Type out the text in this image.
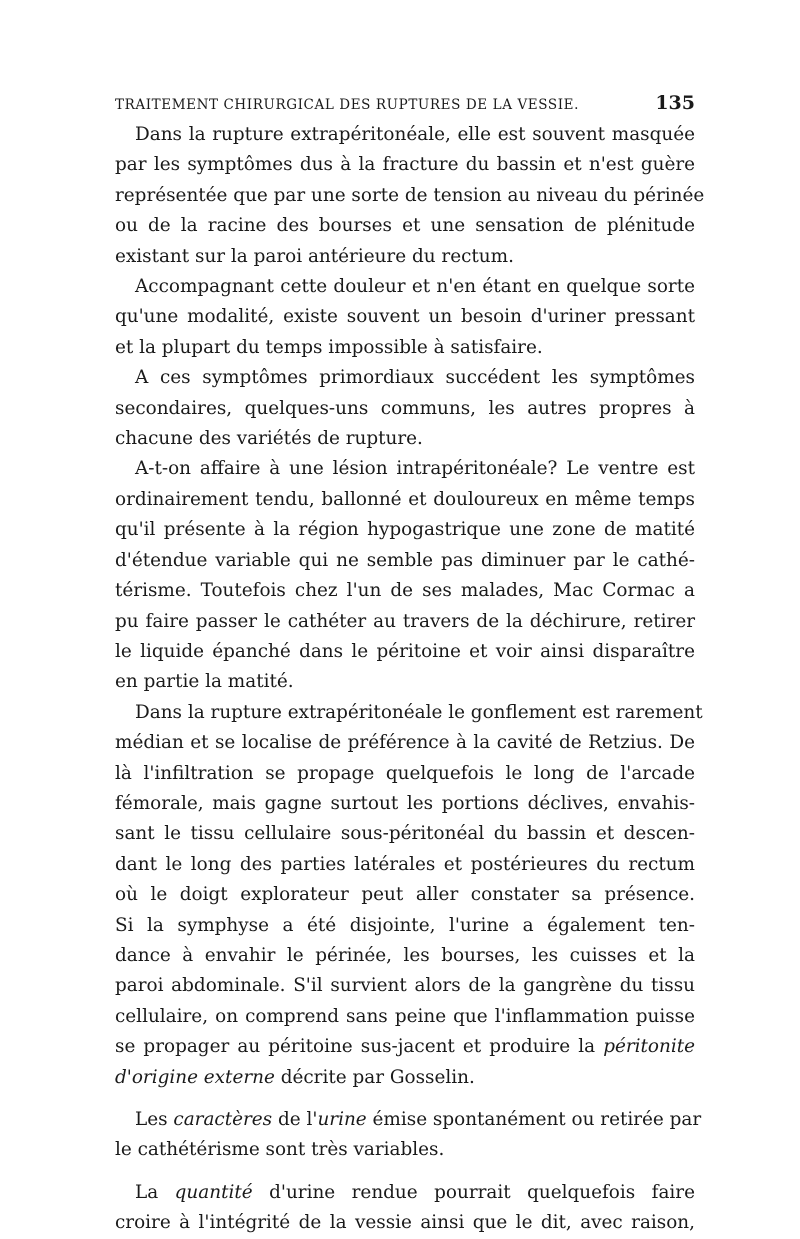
TRAITEMENT CHIRURGICAL DES RUPTURES DE LA VESSIE.	135

Dans la rupture extrapéritonéale, elle est souvent masquée
par les symptômes dus à la fracture du bassin et n'est guère
représentée que par une sorte de tension au niveau du périnée
ou de la racine des bourses et une sensation de plénitude
existant sur la paroi antérieure du rectum.

Accompagnant cette douleur et n'en étant en quelque sorte
qu'une modalité, existe souvent un besoin d'uriner pressant
et la plupart du temps impossible à satisfaire.

A ces symptômes primordiaux succédent les symptômes
secondaires, quelques-uns communs, les autres propres à
chacune des variétés de rupture.

A-t-on affaire à une lésion intrapéritonéale? Le ventre est
ordinairement tendu, ballonné et douloureux en même temps
qu'il présente à la région hypogastrique une zone de matité
d'étendue variable qui ne semble pas diminuer par le cathé-
térisme. Toutefois chez l'un de ses malades, Mac Cormac a
pu faire passer le cathéter au travers de la déchirure, retirer
le liquide épanché dans le péritoine et voir ainsi disparaître
en partie la matité.

Dans la rupture extrapéritonéale le gonflement est rarement
médian et se localise de préférence à la cavité de Retzius. De
là l'infiltration se propage quelquefois le long de l'arcade
fémorale, mais gagne surtout les portions déclives, envahis-
sant le tissu cellulaire sous-péritonéal du bassin et descen-
dant le long des parties latérales et postérieures du rectum
où le doigt explorateur peut aller constater sa présence.
Si la symphyse a été disjointe, l'urine a également ten-
dance à envahir le périnée, les bourses, les cuisses et la
paroi abdominale. S'il survient alors de la gangrène du tissu
cellulaire, on comprend sans peine que l'inflammation puisse
se propager au péritoine sus-jacent et produire la péritonite
d'origine externe décrite par Gosselin.

Les caractères de l'urine émise spontanément ou retirée par
le cathétérisme sont très variables.

La quantité d'urine rendue pourrait quelquefois faire
croire à l'intégrité de la vessie ainsi que le dit, avec raison,
